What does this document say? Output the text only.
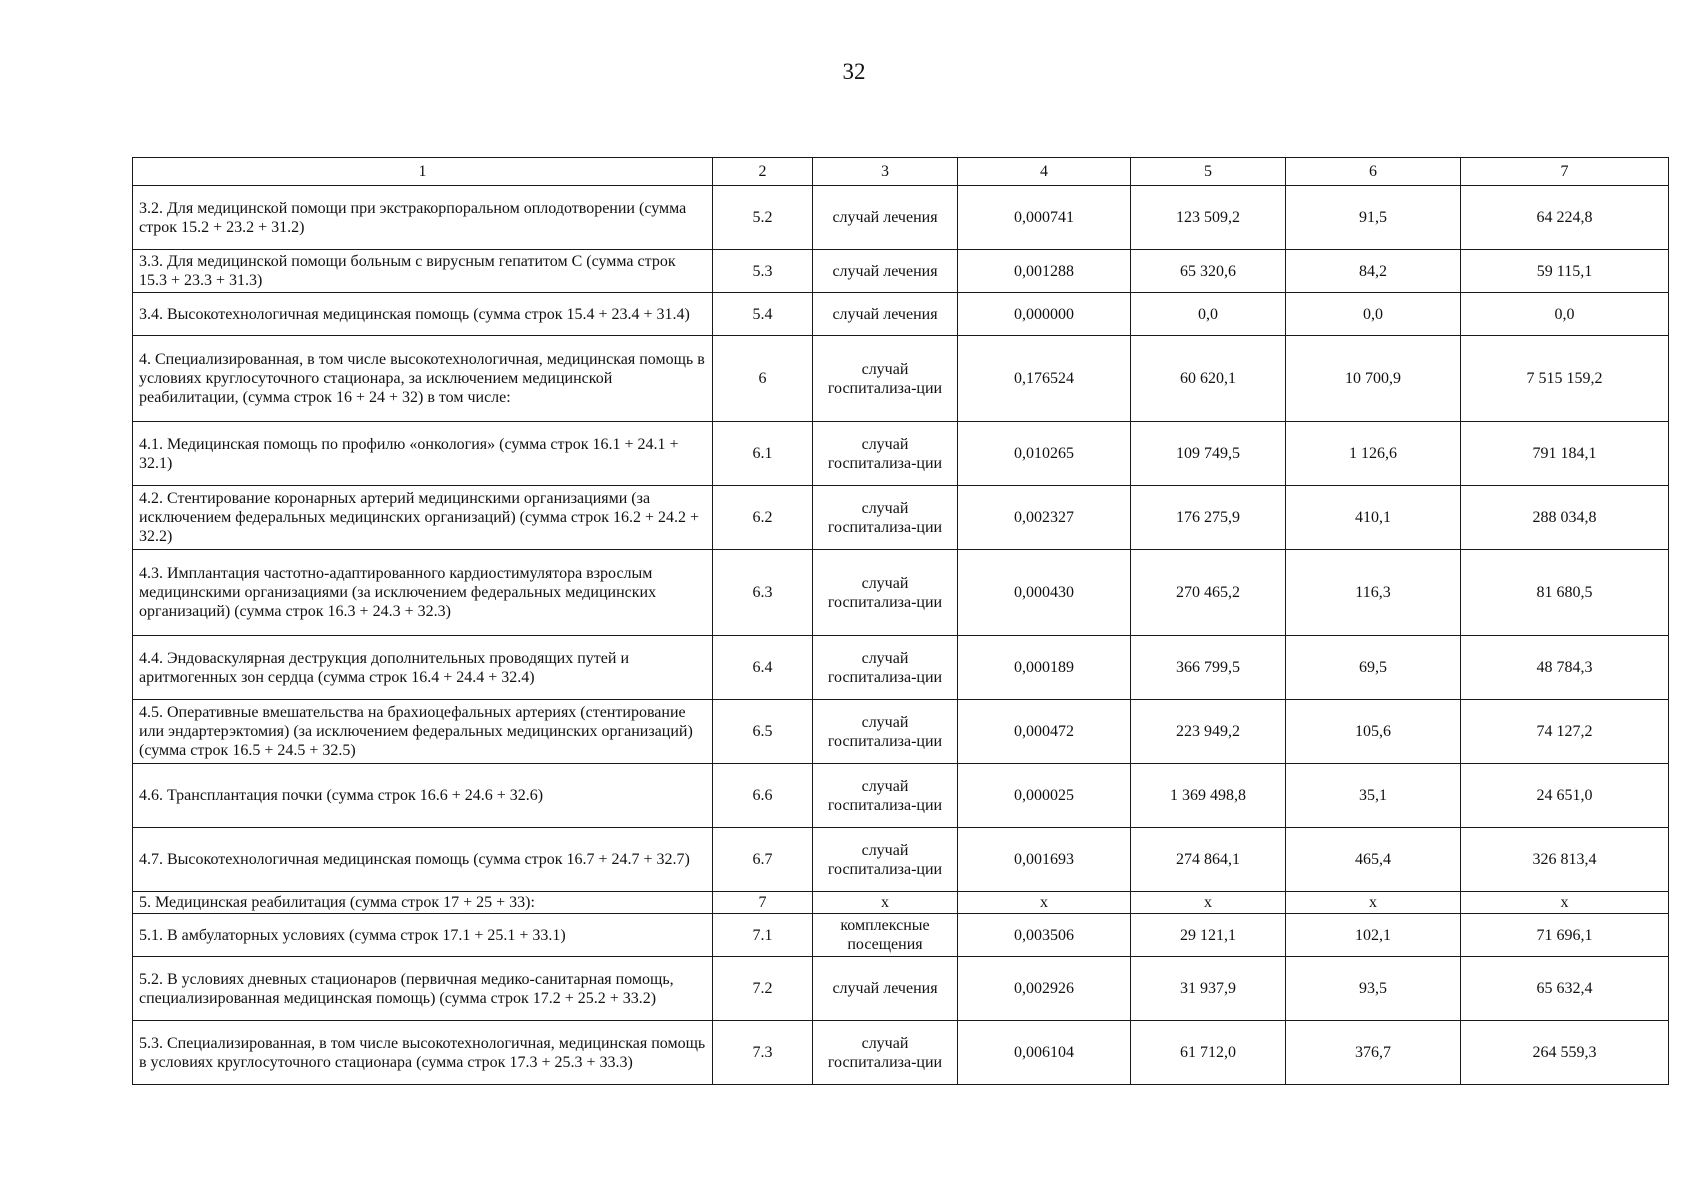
32
1	2	3	4	5	6	7
3.2. Для медицинской помощи при экстракорпоральном оплодотворении (сумма строк 15.2 + 23.2 + 31.2)	5.2	случай лечения	0,000741	123 509,2	91,5	64 224,8
3.3. Для медицинской помощи больным с вирусным гепатитом С (сумма строк 15.3 + 23.3 + 31.3)	5.3	случай лечения	0,001288	65 320,6	84,2	59 115,1
3.4. Высокотехнологичная медицинская помощь (сумма строк 15.4 + 23.4 + 31.4)	5.4	случай лечения	0,000000	0,0	0,0	0,0
4. Специализированная, в том числе высокотехнологичная, медицинская помощь в условиях круглосуточного стационара, за исключением медицинской реабилитации, (сумма строк 16 + 24 + 32) в том числе:	6	случай госпитализа-ции	0,176524	60 620,1	10 700,9	7 515 159,2
4.1. Медицинская помощь по профилю «онкология» (сумма строк 16.1 + 24.1 + 32.1)	6.1	случай госпитализа-ции	0,010265	109 749,5	1 126,6	791 184,1
4.2. Стентирование коронарных артерий медицинскими организациями (за исключением федеральных медицинских организаций) (сумма строк 16.2 + 24.2 + 32.2)	6.2	случай госпитализа-ции	0,002327	176 275,9	410,1	288 034,8
4.3. Имплантация частотно-адаптированного кардиостимулятора взрослым медицинскими организациями (за исключением федеральных медицинских организаций) (сумма строк 16.3 + 24.3 + 32.3)	6.3	случай госпитализа-ции	0,000430	270 465,2	116,3	81 680,5
4.4. Эндоваскулярная деструкция дополнительных проводящих путей и аритмогенных зон сердца (сумма строк 16.4 + 24.4 + 32.4)	6.4	случай госпитализа-ции	0,000189	366 799,5	69,5	48 784,3
4.5. Оперативные вмешательства на брахиоцефальных артериях (стентирование или эндартерэктомия) (за исключением федеральных медицинских организаций) (сумма строк 16.5 + 24.5 + 32.5)	6.5	случай госпитализа-ции	0,000472	223 949,2	105,6	74 127,2
4.6. Трансплантация почки (сумма строк 16.6 + 24.6 + 32.6)	6.6	случай госпитализа-ции	0,000025	1 369 498,8	35,1	24 651,0
4.7. Высокотехнологичная медицинская помощь (сумма строк 16.7 + 24.7 + 32.7)	6.7	случай госпитализа-ции	0,001693	274 864,1	465,4	326 813,4
5. Медицинская реабилитация (сумма строк 17 + 25 + 33):	7	х	х	х	х	х
5.1. В амбулаторных условиях (сумма строк 17.1 + 25.1 + 33.1)	7.1	комплексные посещения	0,003506	29 121,1	102,1	71 696,1
5.2. В условиях дневных стационаров (первичная медико-санитарная помощь, специализированная медицинская помощь) (сумма строк 17.2 + 25.2 + 33.2)	7.2	случай лечения	0,002926	31 937,9	93,5	65 632,4
5.3. Специализированная, в том числе высокотехнологичная, медицинская помощь в условиях круглосуточного стационара (сумма строк 17.3 + 25.3 + 33.3)	7.3	случай госпитализа-ции	0,006104	61 712,0	376,7	264 559,3
